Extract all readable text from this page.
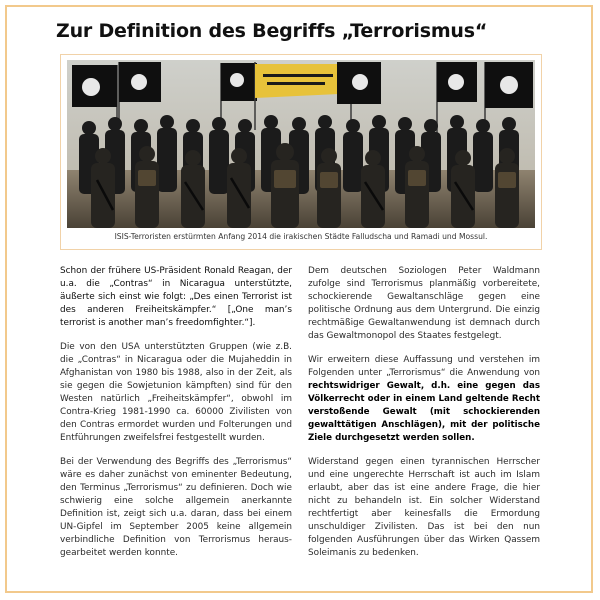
Zur Definition des Begriffs „Terrorismus“
ISIS-Terroristen erstürmten Anfang 2014 die irakischen Städte Falludscha und Ramadi und Mossul.

Schon der frühere US-Präsident Ronald Reagan, der u.a. die „Contras“ in Nicaragua unterstützte, äußerte sich einst wie folgt: „Des einen Terrorist ist des anderen Freiheitskämpfer.“ [„One man’s terrorist is another man’s freedomfighter.“].

Die von den USA unterstützten Gruppen (wie z.B. die „Contras“ in Nicaragua oder die Mujaheddin in Afghanistan von 1980 bis 1988, also in der Zeit, als sie gegen die Sowjetunion kämpften) sind für den Westen natürlich „Freiheitskämpfer“, obwohl im Contra-Krieg 1981-1990 ca. 60000 Zivilisten von den Contras ermordet wurden und Folterungen und Entführungen zweifelsfrei festgestellt wurden.

Bei der Verwendung des Begriffs des „Terrorismus“ wäre es daher zunächst von eminenter Bedeutung, den Terminus „Terrorismus“ zu definieren. Doch wie schwierig eine solche allgemein anerkannte Definition ist, zeigt sich u.a. daran, dass bei einem UN-Gipfel im September 2005 keine allgemein verbindliche Definition von Terrorismus heraus-gearbeitet werden konnte.

Dem deutschen Soziologen Peter Waldmann zufolge sind Terrorismus planmäßig vorbereitete, schockierende Gewaltanschläge gegen eine politische Ordnung aus dem Untergrund. Die einzig rechtmäßige Gewaltanwendung ist demnach durch das Gewaltmonopol des Staates festgelegt.

Wir erweitern diese Auffassung und verstehen im Folgenden unter „Terrorismus“ die Anwendung von rechtswidriger Gewalt, d.h. eine gegen das Völkerrecht oder in einem Land geltende Recht verstoßende Gewalt (mit schockierenden gewalttätigen Anschlägen), mit der politische Ziele durchgesetzt werden sollen.

Widerstand gegen einen tyrannischen Herrscher und eine ungerechte Herrschaft ist auch im Islam erlaubt, aber das ist eine andere Frage, die hier nicht zu behandeln ist. Ein solcher Widerstand rechtfertigt aber keinesfalls die Ermordung unschuldiger Zivilisten. Das ist bei den nun folgenden Ausführungen über das Wirken Qassem Soleimanis zu bedenken.
